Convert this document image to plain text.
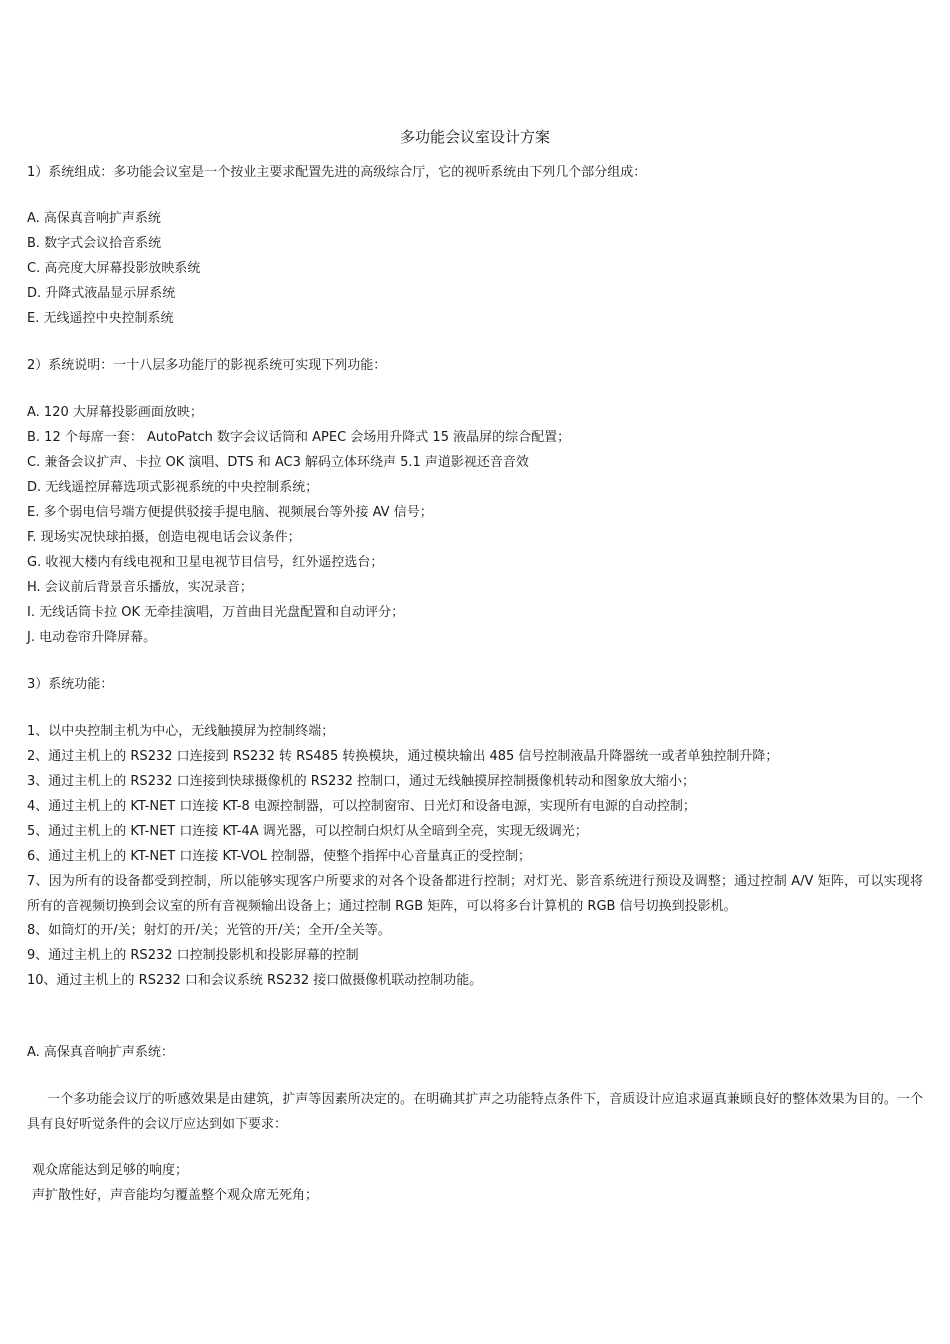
多功能会议室设计方案
1）系统组成：多功能会议室是一个按业主要求配置先进的高级综合厅，它的视听系统由下列几个部分组成：
A. 高保真音响扩声系统
B. 数字式会议拾音系统
C. 高亮度大屏幕投影放映系统
D. 升降式液晶显示屏系统
E. 无线遥控中央控制系统
2）系统说明：一十八层多功能厅的影视系统可实现下列功能：
A. 120 大屏幕投影画面放映；
B. 12 个每席一套： AutoPatch 数字会议话筒和 APEC 会场用升降式 15 液晶屏的综合配置；
C. 兼备会议扩声、卡拉 OK 演唱、DTS 和 AC3 解码立体环绕声 5.1 声道影视还音音效
D. 无线遥控屏幕选项式影视系统的中央控制系统；
E. 多个弱电信号端方便提供驳接手提电脑、视频展台等外接 AV 信号；
F. 现场实况快球拍摄，创造电视电话会议条件；
G. 收视大楼内有线电视和卫星电视节目信号，红外遥控选台；
H. 会议前后背景音乐播放，实况录音；
I. 无线话筒卡拉 OK 无牵挂演唱，万首曲目光盘配置和自动评分；
J. 电动卷帘升降屏幕。
3）系统功能：
1、以中央控制主机为中心，无线触摸屏为控制终端；
2、通过主机上的 RS232 口连接到 RS232 转 RS485 转换模块，通过模块输出 485 信号控制液晶升降器统一或者单独控制升降；
3、通过主机上的 RS232 口连接到快球摄像机的 RS232 控制口，通过无线触摸屏控制摄像机转动和图象放大缩小；
4、通过主机上的 KT-NET 口连接 KT-8 电源控制器，可以控制窗帘、日光灯和设备电源，实现所有电源的自动控制；
5、通过主机上的 KT-NET 口连接 KT-4A 调光器，可以控制白炽灯从全暗到全亮，实现无级调光；
6、通过主机上的 KT-NET 口连接 KT-VOL 控制器，使整个指挥中心音量真正的受控制；
7、因为所有的设备都受到控制，所以能够实现客户所要求的对各个设备都进行控制；对灯光、影音系统进行预设及调整；通过控制 A/V 矩阵，可以实现将所有的音视频切换到会议室的所有音视频输出设备上；通过控制 RGB 矩阵，可以将多台计算机的 RGB 信号切换到投影机。
8、如筒灯的开/关；射灯的开/关；光管的开/关；全开/全关等。
9、通过主机上的 RS232 口控制投影机和投影屏幕的控制
10、通过主机上的 RS232 口和会议系统 RS232 接口做摄像机联动控制功能。
A. 高保真音响扩声系统：
一个多功能会议厅的听感效果是由建筑，扩声等因素所决定的。在明确其扩声之功能特点条件下，音质设计应追求逼真兼顾良好的整体效果为目的。一个具有良好听觉条件的会议厅应达到如下要求：
观众席能达到足够的响度；
声扩散性好，声音能均匀覆盖整个观众席无死角；
